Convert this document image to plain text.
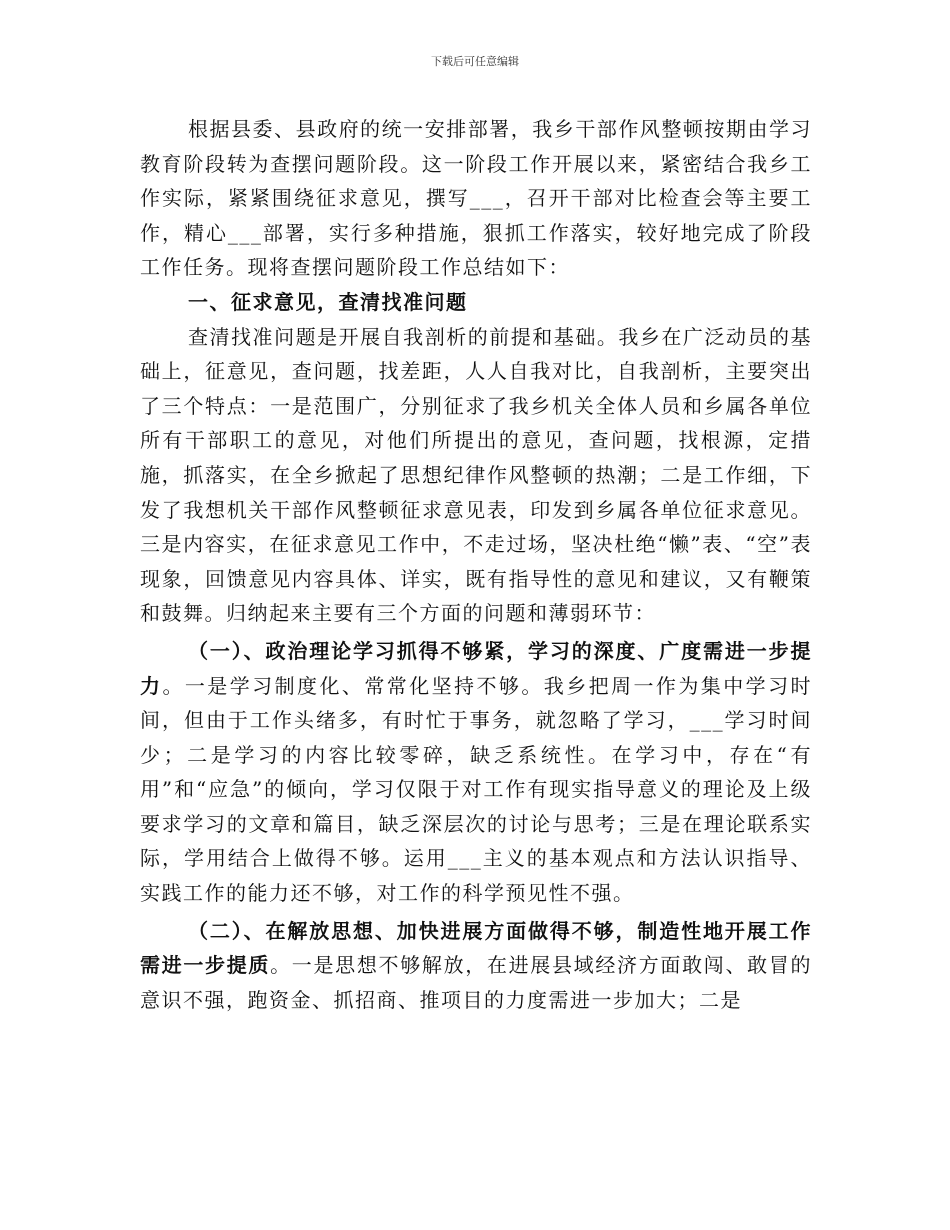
下载后可任意编辑

根据县委、县政府的统一安排部署，我乡干部作风整顿按期由学习教育阶段转为查摆问题阶段。这一阶段工作开展以来，紧密结合我乡工作实际，紧紧围绕征求意见，撰写___，召开干部对比检查会等主要工作，精心___部署，实行多种措施，狠抓工作落实，较好地完成了阶段工作任务。现将查摆问题阶段工作总结如下：

一、征求意见，查清找准问题

查清找准问题是开展自我剖析的前提和基础。我乡在广泛动员的基础上，征意见，查问题，找差距，人人自我对比，自我剖析，主要突出了三个特点：一是范围广，分别征求了我乡机关全体人员和乡属各单位所有干部职工的意见，对他们所提出的意见，查问题，找根源，定措施，抓落实，在全乡掀起了思想纪律作风整顿的热潮；二是工作细，下发了我想机关干部作风整顿征求意见表，印发到乡属各单位征求意见。三是内容实，在征求意见工作中，不走过场，坚决杜绝“懒”表、“空”表现象，回馈意见内容具体、详实，既有指导性的意见和建议，又有鞭策和鼓舞。归纳起来主要有三个方面的问题和薄弱环节：

（一）、政治理论学习抓得不够紧，学习的深度、广度需进一步提力。一是学习制度化、常常化坚持不够。我乡把周一作为集中学习时间，但由于工作头绪多，有时忙于事务，就忽略了学习，___学习时间少；二是学习的内容比较零碎，缺乏系统性。在学习中，存在“有用”和“应急”的倾向，学习仅限于对工作有现实指导意义的理论及上级要求学习的文章和篇目，缺乏深层次的讨论与思考；三是在理论联系实际，学用结合上做得不够。运用___主义的基本观点和方法认识指导、实践工作的能力还不够，对工作的科学预见性不强。

（二）、在解放思想、加快进展方面做得不够，制造性地开展工作需进一步提质。一是思想不够解放，在进展县域经济方面敢闯、敢冒的意识不强，跑资金、抓招商、推项目的力度需进一步加大；二是
